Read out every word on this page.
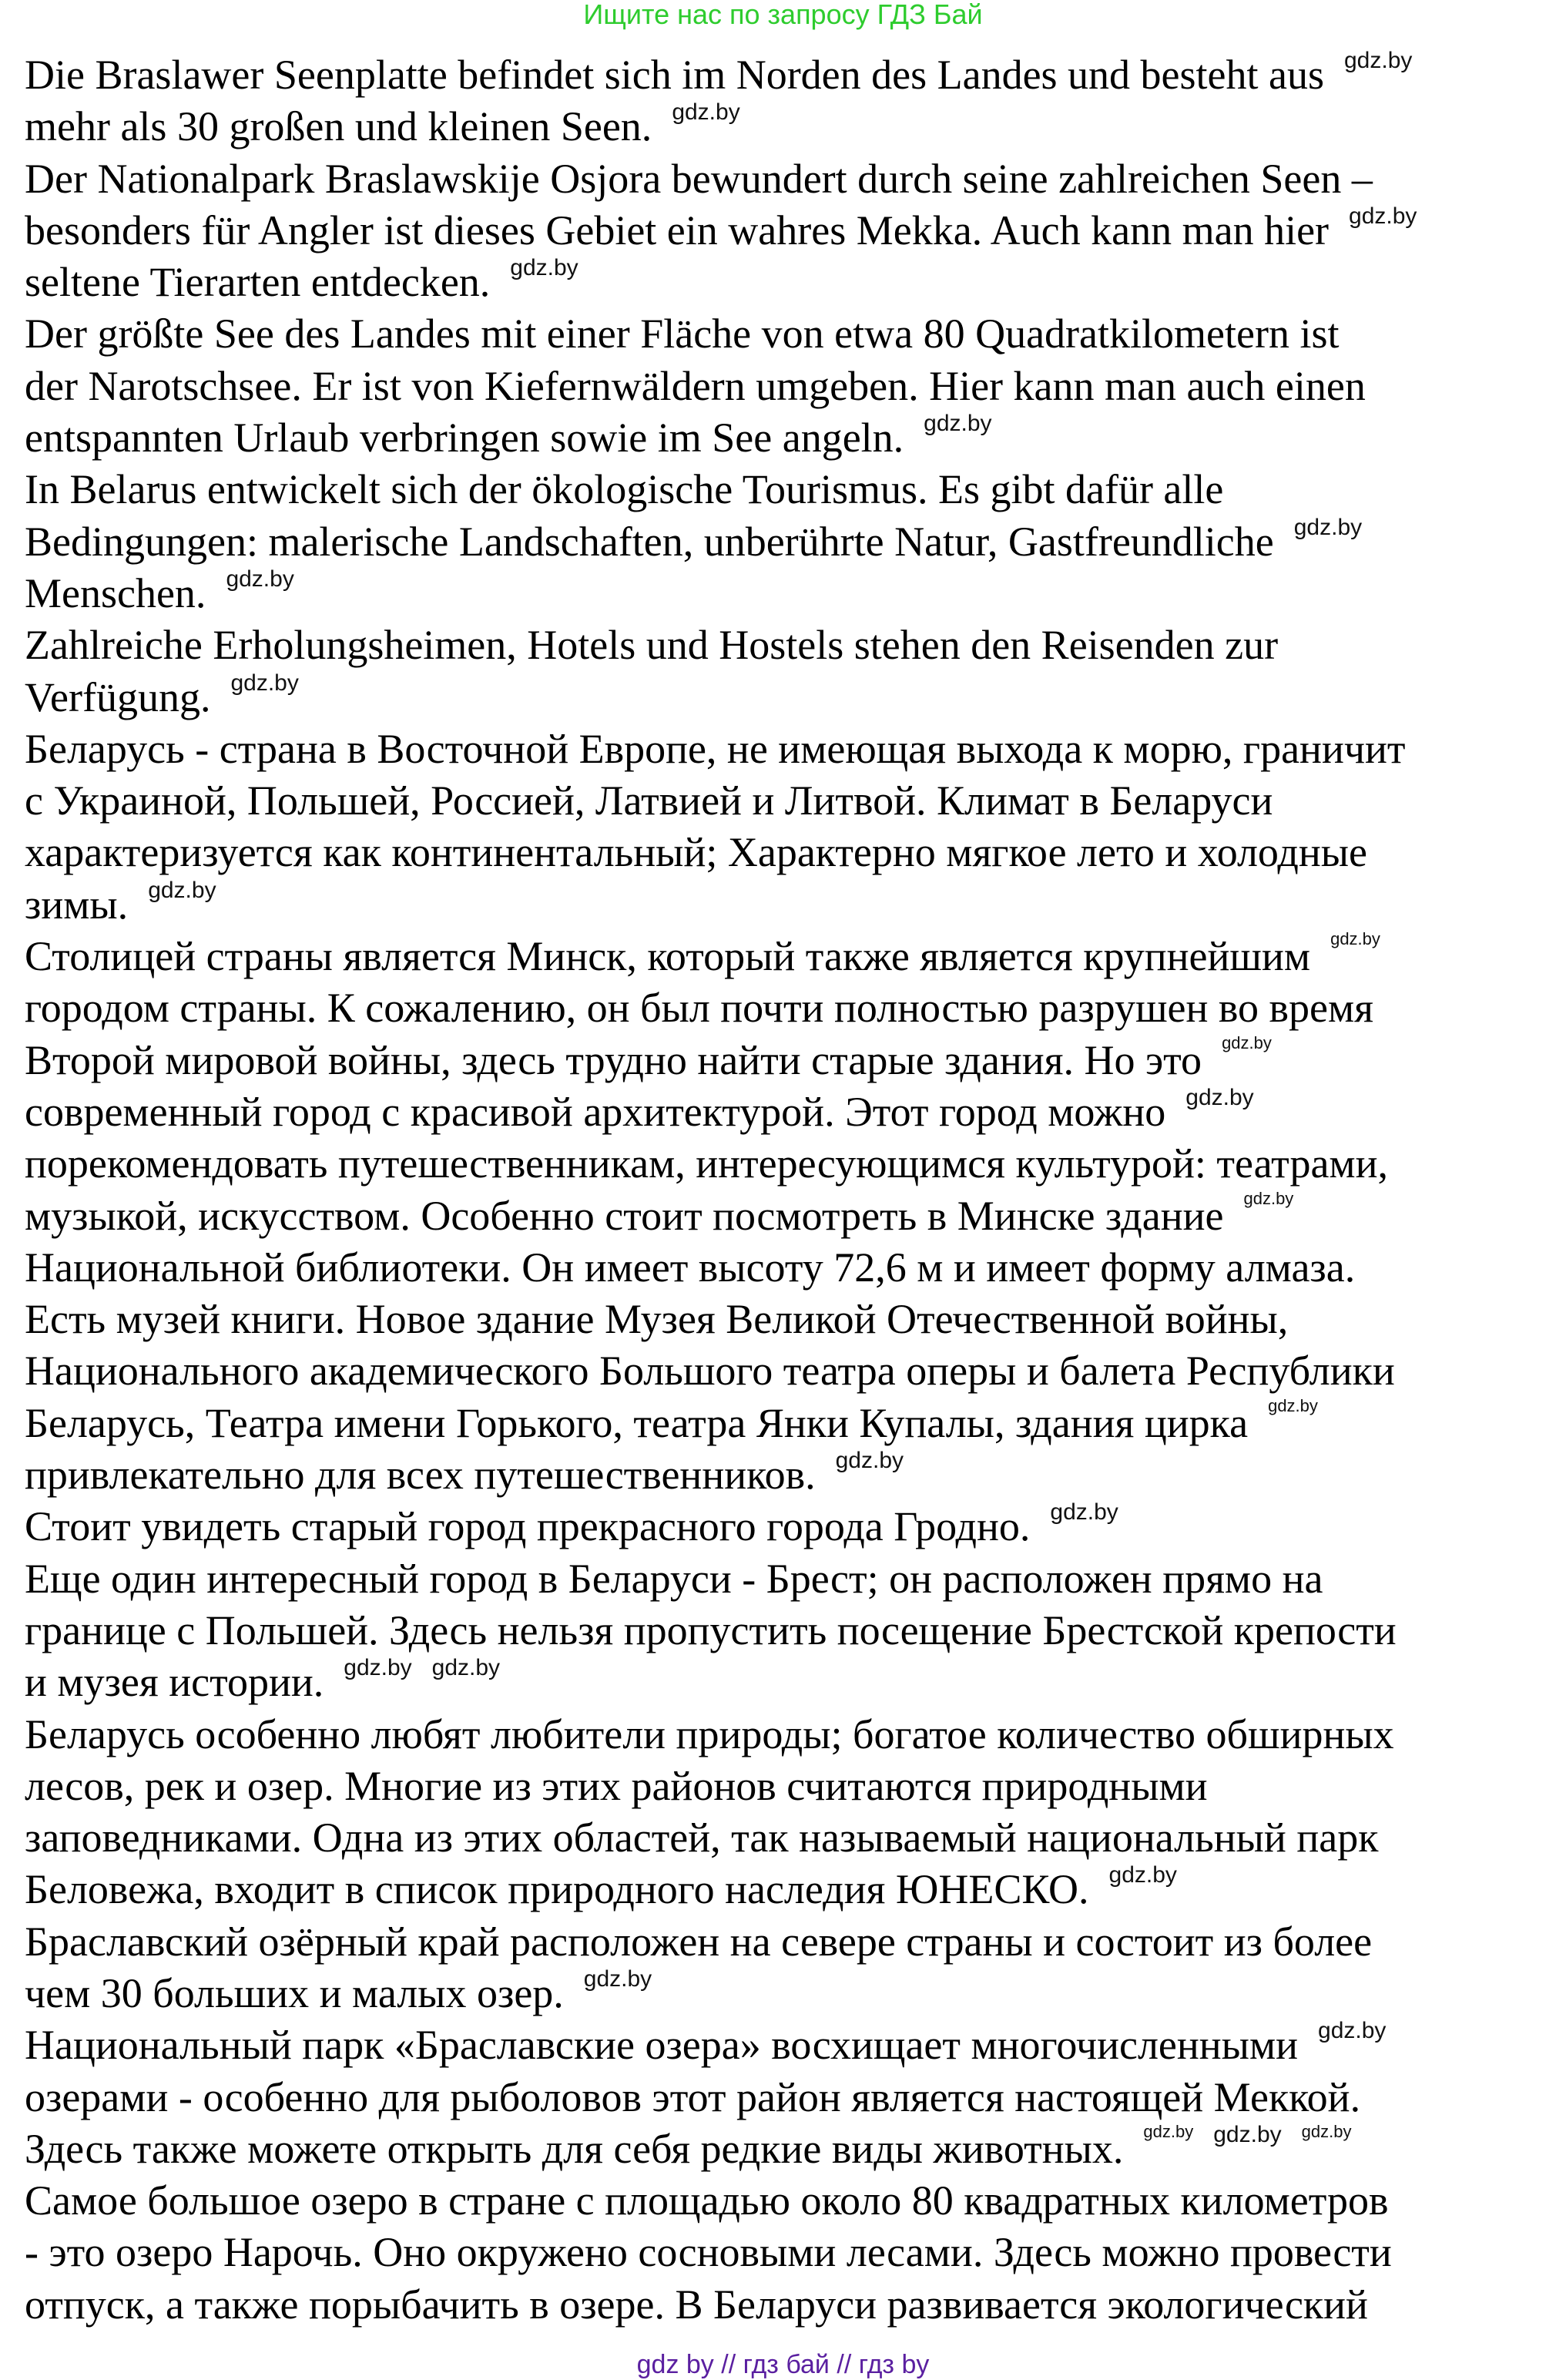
Ищите нас по запросу ГДЗ Бай
Die Braslawer Seenplatte befindet sich im Norden des Landes und besteht aus gdz.by
mehr als 30 großen und kleinen Seen. gdz.by
Der Nationalpark Braslawskije Osjora bewundert durch seine zahlreichen Seen –
besonders für Angler ist dieses Gebiet ein wahres Mekka. Auch kann man hier gdz.by
seltene Tierarten entdecken. gdz.by
Der größte See des Landes mit einer Fläche von etwa 80 Quadratkilometern ist
der Narotschsee. Er ist von Kiefernwäldern umgeben. Hier kann man auch einen
entspannten Urlaub verbringen sowie im See angeln. gdz.by
In Belarus entwickelt sich der ökologische Tourismus. Es gibt dafür alle
Bedingungen: malerische Landschaften, unberührte Natur, Gastfreundliche gdz.by
Menschen. gdz.by
Zahlreiche Erholungsheimen, Hotels und Hostels stehen den Reisenden zur
Verfügung. gdz.by
Беларусь - страна в Восточной Европе, не имеющая выхода к морю, граничит
с Украиной, Польшей, Россией, Латвией и Литвой. Климат в Беларуси
характеризуется как континентальный; Характерно мягкое лето и холодные
зимы. gdz.by
Столицей страны является Минск, который также является крупнейшим gdz.by
городом страны. К сожалению, он был почти полностью разрушен во время
Второй мировой войны, здесь трудно найти старые здания. Но это gdz.by
современный город с красивой архитектурой. Этот город можно gdz.by
порекомендовать путешественникам, интересующимся культурой: театрами,
музыкой, искусством. Особенно стоит посмотреть в Минске здание gdz.by
Национальной библиотеки. Он имеет высоту 72,6 м и имеет форму алмаза.
Есть музей книги. Новое здание Музея Великой Отечественной войны,
Национального академического Большого театра оперы и балета Республики
Беларусь, Театра имени Горького, театра Янки Купалы, здания цирка gdz.by
привлекательно для всех путешественников. gdz.by
Стоит увидеть старый город прекрасного города Гродно. gdz.by
Еще один интересный город в Беларуси - Брест; он расположен прямо на
границе с Польшей. Здесь нельзя пропустить посещение Брестской крепости
и музея истории. gdz.by gdz.by
Беларусь особенно любят любители природы; богатое количество обширных
лесов, рек и озер. Многие из этих районов считаются природными
заповедниками. Одна из этих областей, так называемый национальный парк
Беловежа, входит в список природного наследия ЮНЕСКО. gdz.by
Браславский озёрный край расположен на севере страны и состоит из более
чем 30 больших и малых озер. gdz.by
Национальный парк «Браславские озера» восхищает многочисленными gdz.by
озерами - особенно для рыболовов этот район является настоящей Меккой.
Здесь также можете открыть для себя редкие виды животных. gdz.by gdz.by gdz.by
Самое большое озеро в стране с площадью около 80 квадратных километров
- это озеро Нарочь. Оно окружено сосновыми лесами. Здесь можно провести
отпуск, а также порыбачить в озере. В Беларуси развивается экологический
gdz by // гдз бай // гдз by
